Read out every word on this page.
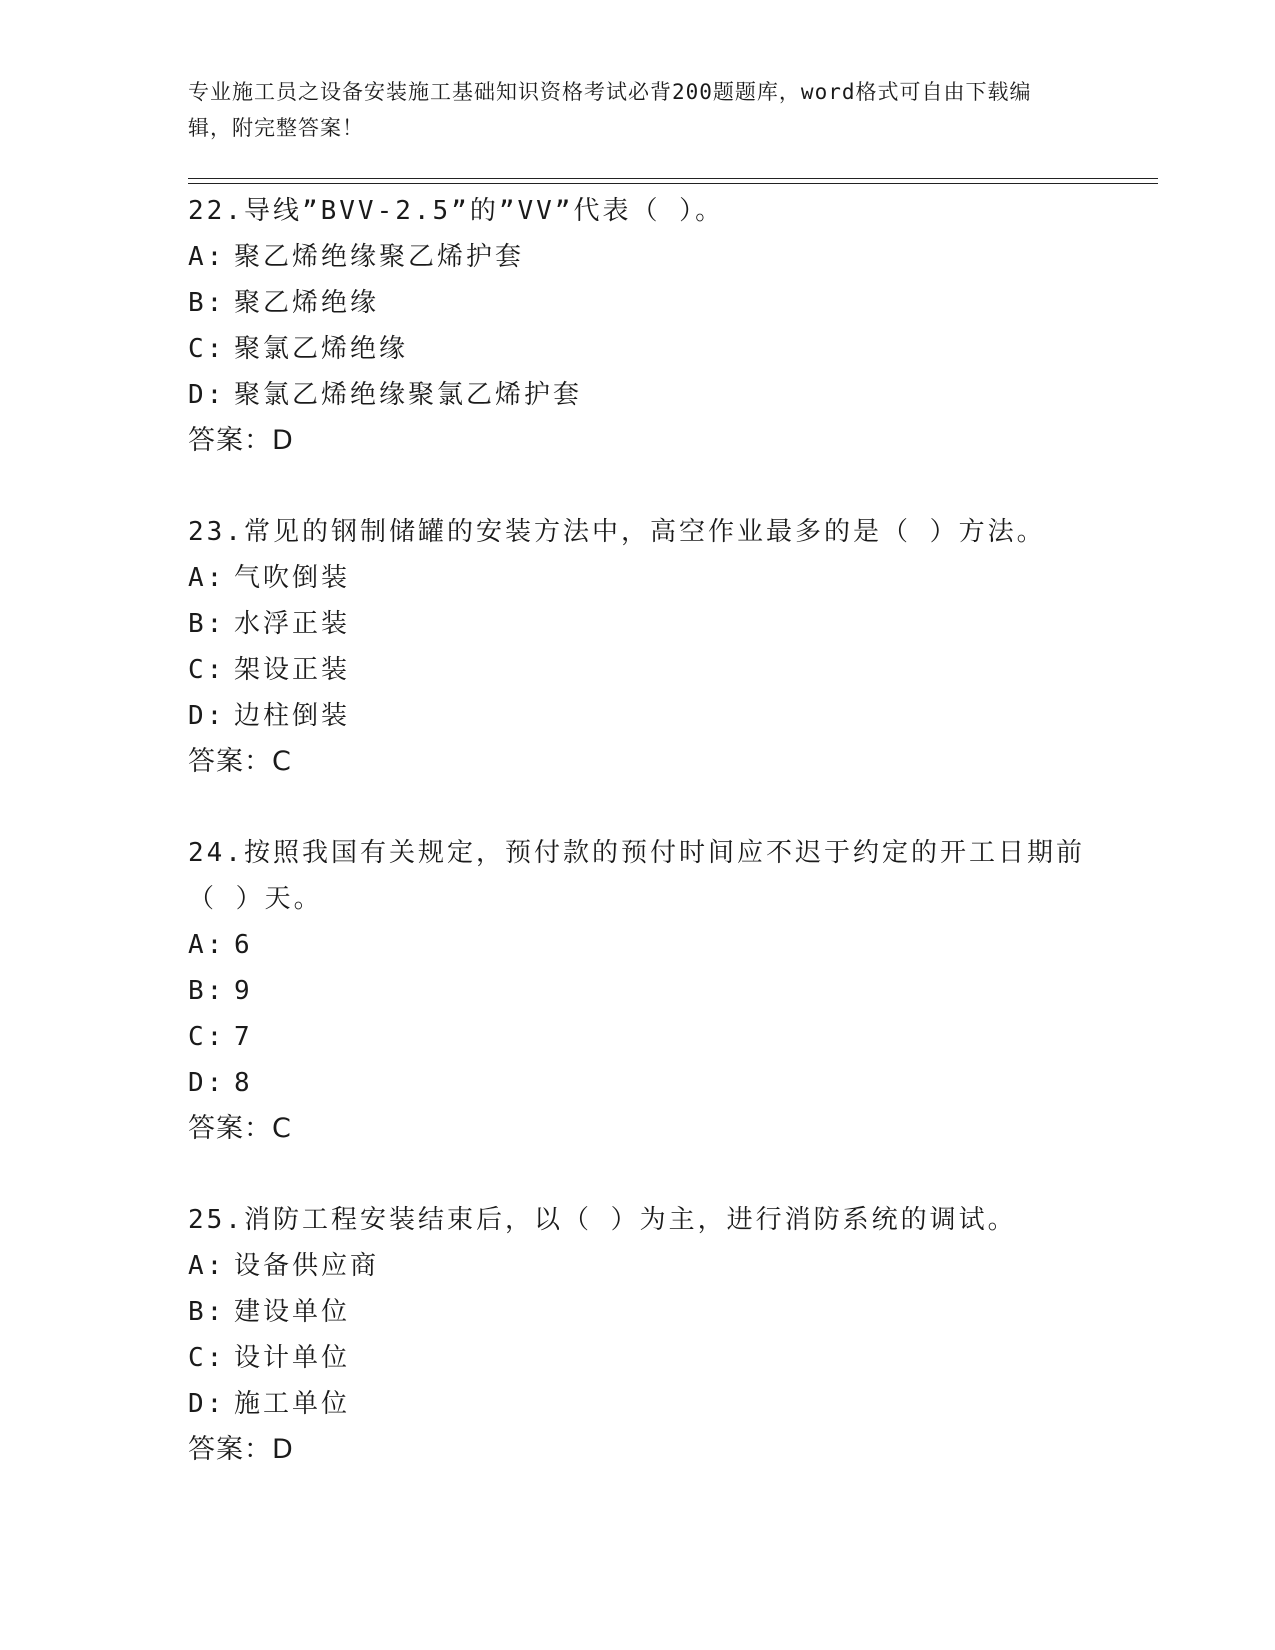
专业施工员之设备安装施工基础知识资格考试必背200题题库，word格式可自由下载编辑，附完整答案！
22.导线”BVV-2.5”的”VV”代表（ ）。
A: 聚乙烯绝缘聚乙烯护套
B: 聚乙烯绝缘
C: 聚氯乙烯绝缘
D: 聚氯乙烯绝缘聚氯乙烯护套
答案：D
23.常见的钢制储罐的安装方法中，高空作业最多的是（ ）方法。
A: 气吹倒装
B: 水浮正装
C: 架设正装
D: 边柱倒装
答案：C
24.按照我国有关规定，预付款的预付时间应不迟于约定的开工日期前（ ）天。
A: 6
B: 9
C: 7
D: 8
答案：C
25.消防工程安装结束后，以（ ）为主，进行消防系统的调试。
A: 设备供应商
B: 建设单位
C: 设计单位
D: 施工单位
答案：D
